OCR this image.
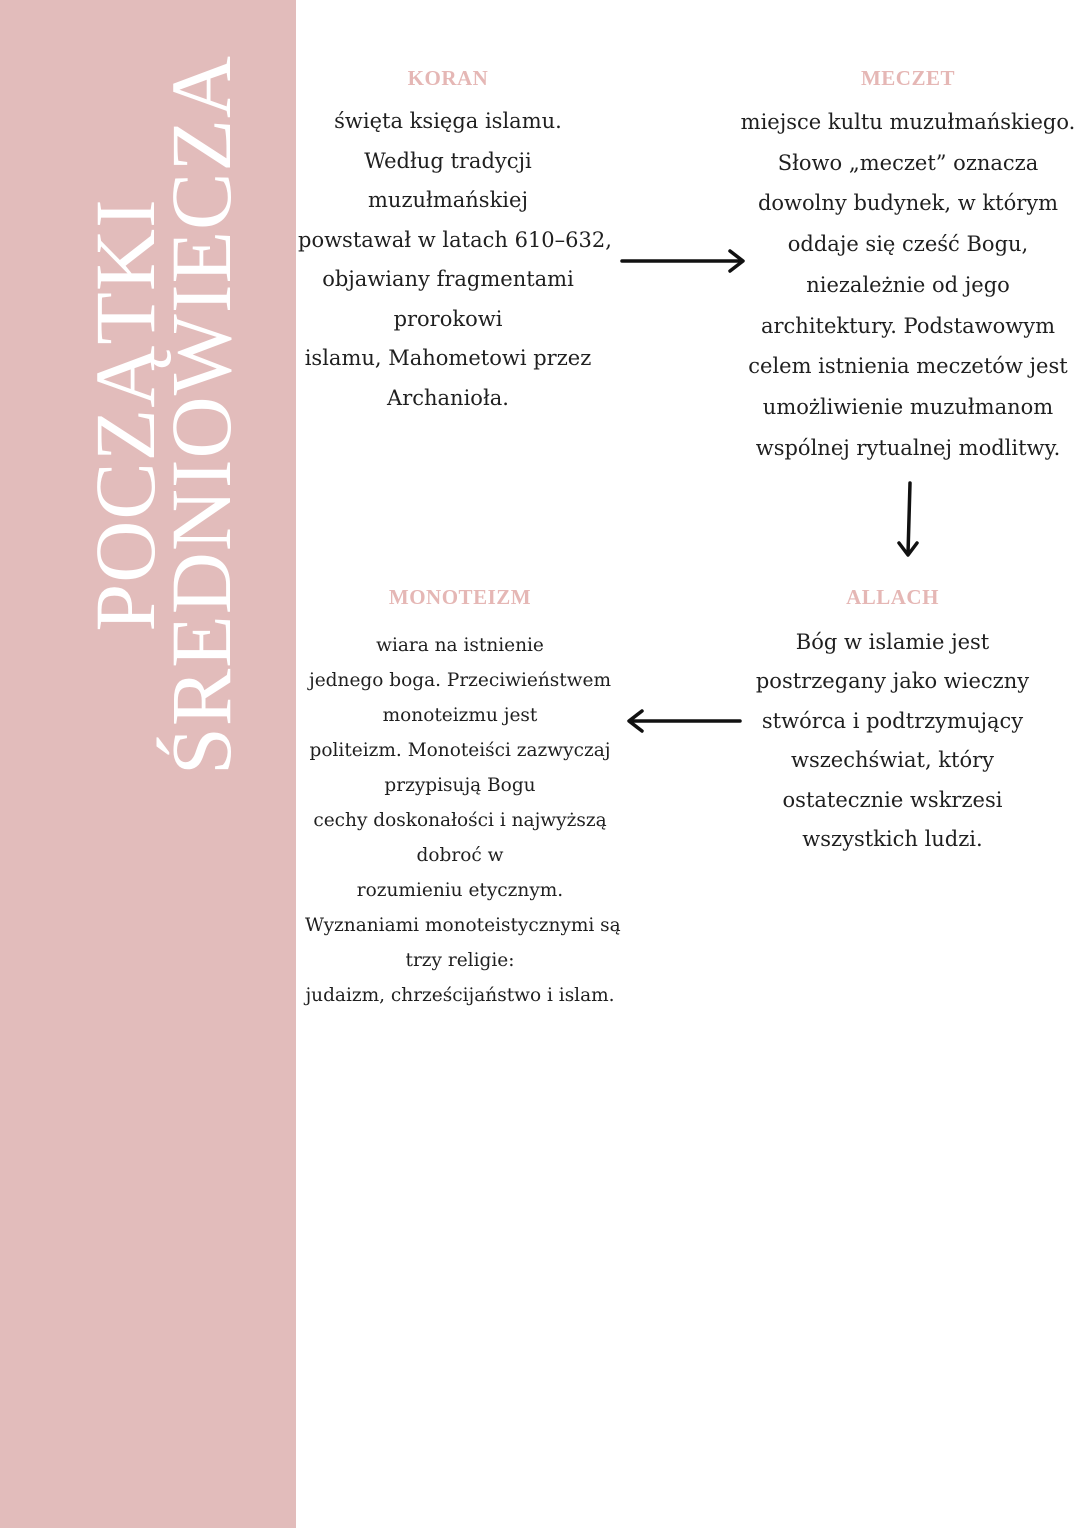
POCZĄTKI
ŚREDNIOWIECZA	KORAN
święta księga islamu.
Według tradycji
muzułmańskiej
powstawał w latach 610–632,
objawiany fragmentami
prorokowi
islamu, Mahometowi przez
Archanioła.
MECZET
miejsce kultu muzułmańskiego.
Słowo „meczet” oznacza
dowolny budynek, w którym
oddaje się cześć Bogu,
niezależnie od jego
architektury. Podstawowym
celem istnienia meczetów jest
umożliwienie muzułmanom
wspólnej rytualnej modlitwy.
MONOTEIZM
wiara na istnienie
jednego boga. Przeciwieństwem
monoteizmu jest
politeizm. Monoteiści zazwyczaj
przypisują Bogu
cechy doskonałości i najwyższą
dobroć w
rozumieniu etycznym.
Wyznaniami monoteistycznymi są
trzy religie:
judaizm, chrześcijaństwo i islam.
ALLACH
Bóg w islamie jest
postrzegany jako wieczny
stwórca i podtrzymujący
wszechświat, który
ostatecznie wskrzesi
wszystkich ludzi.
